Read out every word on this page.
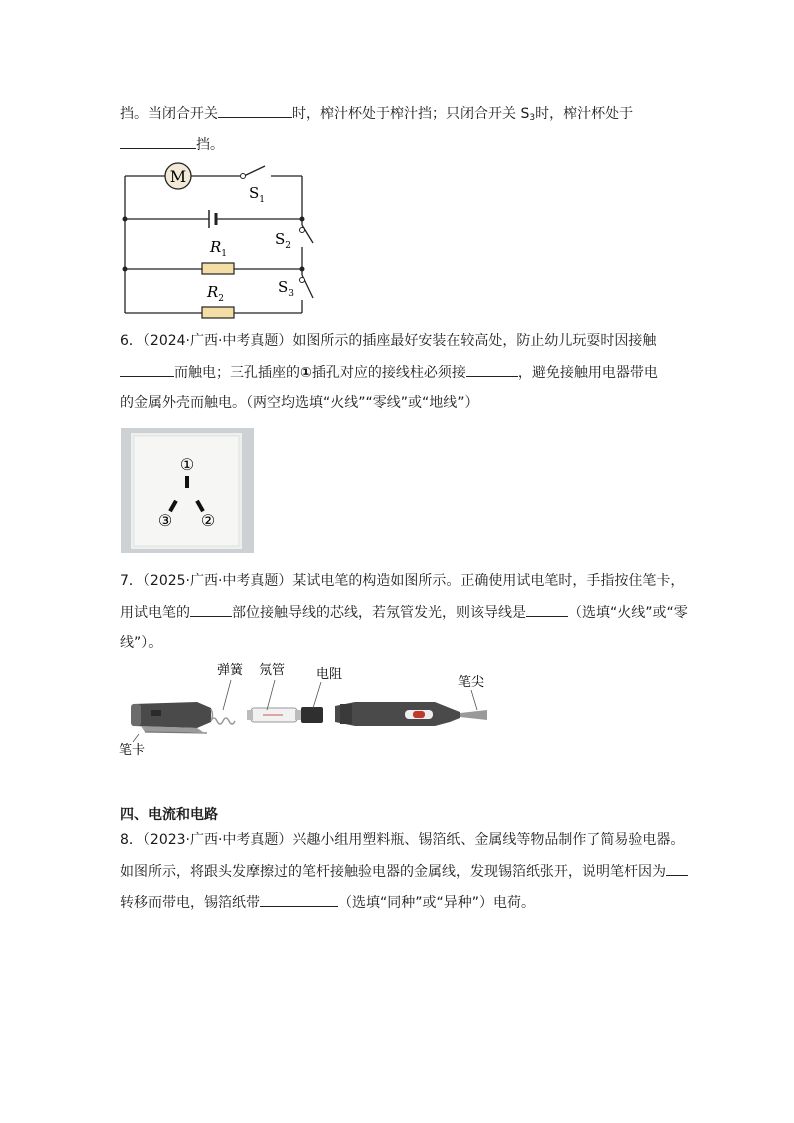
挡。当闭合开关	时，榨汁杯处于榨汁挡；只闭合开关 $S_3$时，榨汁杯处于
挡。
M
$S_1$
$S_2$
$S_3$
$R_1$
$R_2$
6．（2024·广西·中考真题）如图所示的插座最好安装在较高处，防止幼儿玩耍时因接触
而触电；三孔插座的①插孔对应的接线柱必须接	，避免接触用电器带电
的金属外壳而触电。（两空均选填“火线”“零线”或“地线”）
①
③ ②
7．（2025·广西·中考真题）某试电笔的构造如图所示。正确使用试电笔时，手指按住笔卡，
用试电笔的	部位接触导线的芯线，若氖管发光，则该导线是	（选填“火线”或“零
线”）。
弹簧 氖管 电阻
笔尖
笔卡
四、电流和电路
8．（2023·广西·中考真题）兴趣小组用塑料瓶、锡箔纸、金属线等物品制作了简易验电器。
如图所示，将跟头发摩擦过的笔杆接触验电器的金属线，发现锡箔纸张开，说明笔杆因为
转移而带电，锡箔纸带	（选填“同种”或“异种”）电荷。
